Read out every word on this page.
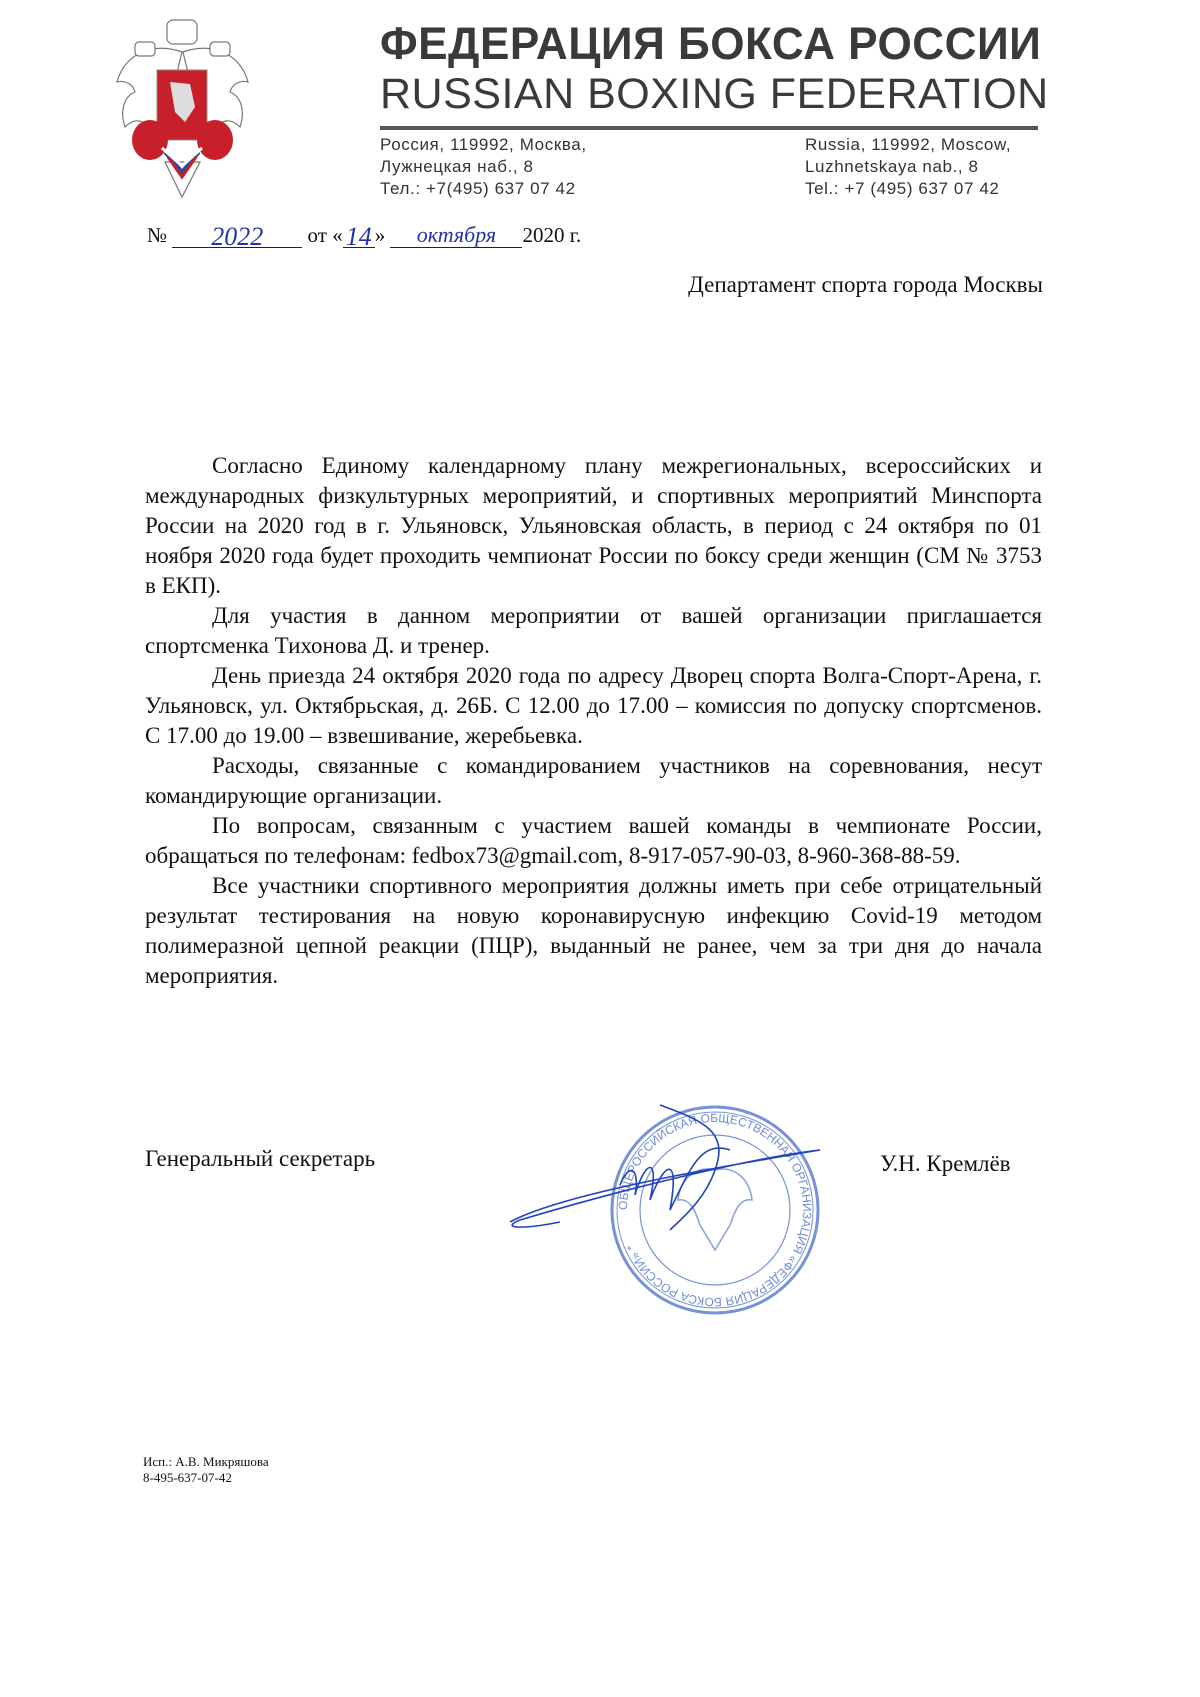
ФЕДЕРАЦИЯ БОКСА РОССИИ
RUSSIAN BOXING FEDERATION
Россия, 119992, Москва,
Лужнецкая наб., 8
Тел.: +7(495) 637 07 42
Russia, 119992, Moscow,
Luzhnetskaya nab., 8
Tel.: +7 (495) 637 07 42
№ 2022 от « 14 » октября 2020 г.
Департамент спорта города Москвы

Согласно Единому календарному плану межрегиональных, всероссийских и международных физкультурных мероприятий, и спортивных мероприятий Минспорта России на 2020 год в г. Ульяновск, Ульяновская область, в период с 24 октября по 01 ноября 2020 года будет проходить чемпионат России по боксу среди женщин (СМ № 3753 в ЕКП).

Для участия в данном мероприятии от вашей организации приглашается спортсменка Тихонова Д. и тренер.

День приезда 24 октября 2020 года по адресу Дворец спорта Волга-Спорт-Арена, г. Ульяновск, ул. Октябрьская, д. 26Б. С 12.00 до 17.00 – комиссия по допуску спортсменов. С 17.00 до 19.00 – взвешивание, жеребьевка.

Расходы, связанные с командированием участников на соревнования, несут командирующие организации.

По вопросам, связанным с участием вашей команды в чемпионате России, обращаться по телефонам: fedbox73@gmail.com, 8-917-057-90-03, 8-960-368-88-59.

Все участники спортивного мероприятия должны иметь при себе отрицательный результат тестирования на новую коронавирусную инфекцию Covid-19 методом полимеразной цепной реакции (ПЦР), выданный не ранее, чем за три дня до начала мероприятия.

Генеральный секретарь	У.Н. Кремлёв
ОБЩЕРОССИЙСКАЯ ОБЩЕСТВЕННАЯ ОРГАНИЗАЦИЯ «ФЕДЕРАЦИЯ БОКСА РОССИИ» *
Исп.: А.В. Микряшова
8-495-637-07-42
